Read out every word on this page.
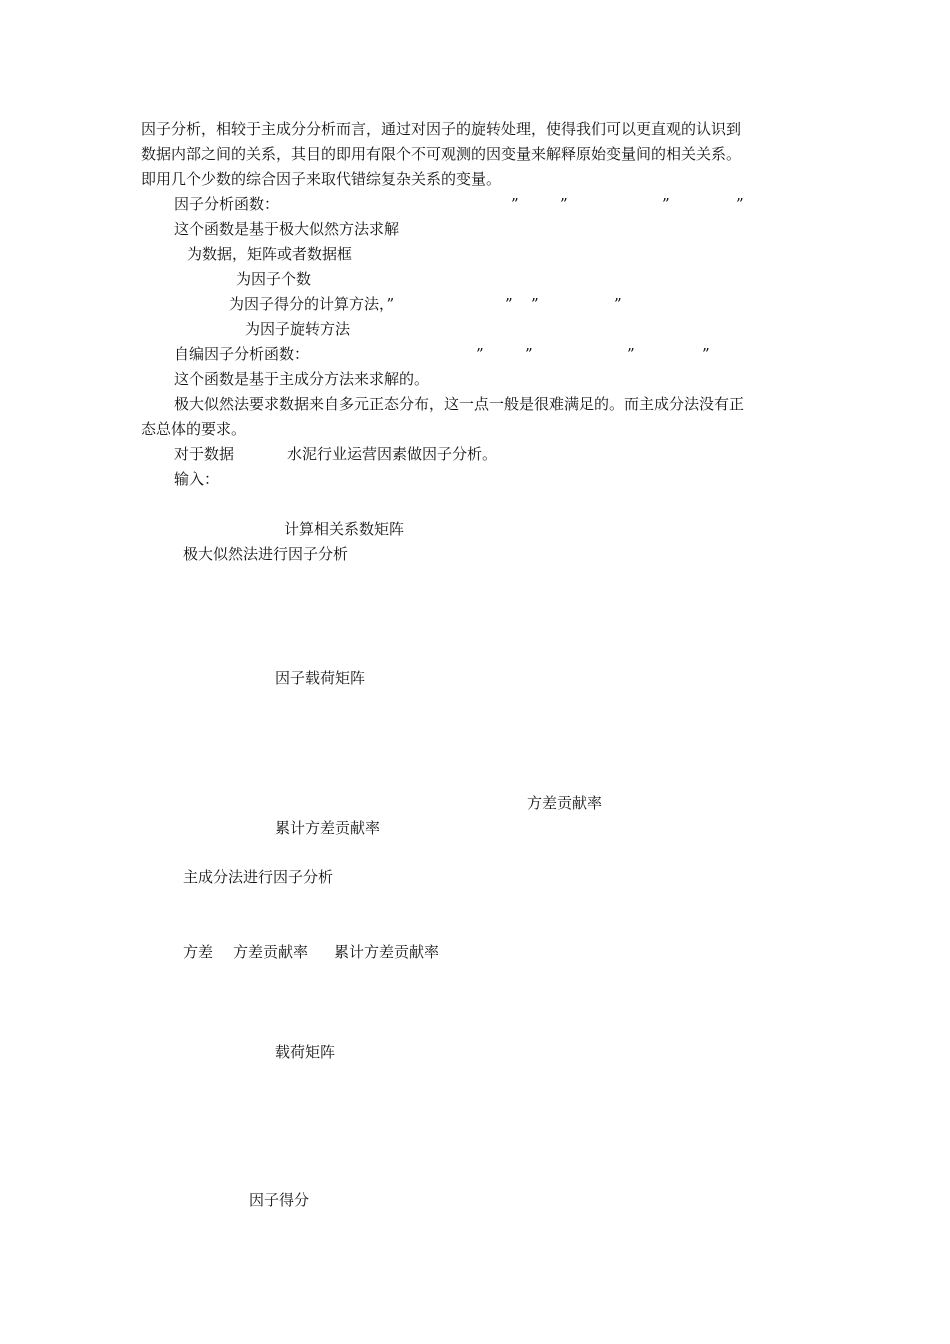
因子分析，相较于主成分分析而言，通过对因子的旋转处理，使得我们可以更直观的认识到
数据内部之间的关系，其目的即用有限个不可观测的因变量来解释原始变量间的相关关系。
即用几个少数的综合因子来取代错综复杂关系的变量。
因子分析函数：	”	”	”	”
这个函数是基于极大似然方法求解
为数据，矩阵或者数据框
为因子个数
为因子得分的计算方法，”	” ”	”
为因子旋转方法
自编因子分析函数：	”	”	”	”
这个函数是基于主成分方法来求解的。
极大似然法要求数据来自多元正态分布，这一点一般是很难满足的。而主成分法没有正
态总体的要求。
对于数据	水泥行业运营因素做因子分析。
输入：
计算相关系数矩阵
极大似然法进行因子分析
因子载荷矩阵
方差贡献率
累计方差贡献率
主成分法进行因子分析
方差 方差贡献率 累计方差贡献率
载荷矩阵
因子得分
